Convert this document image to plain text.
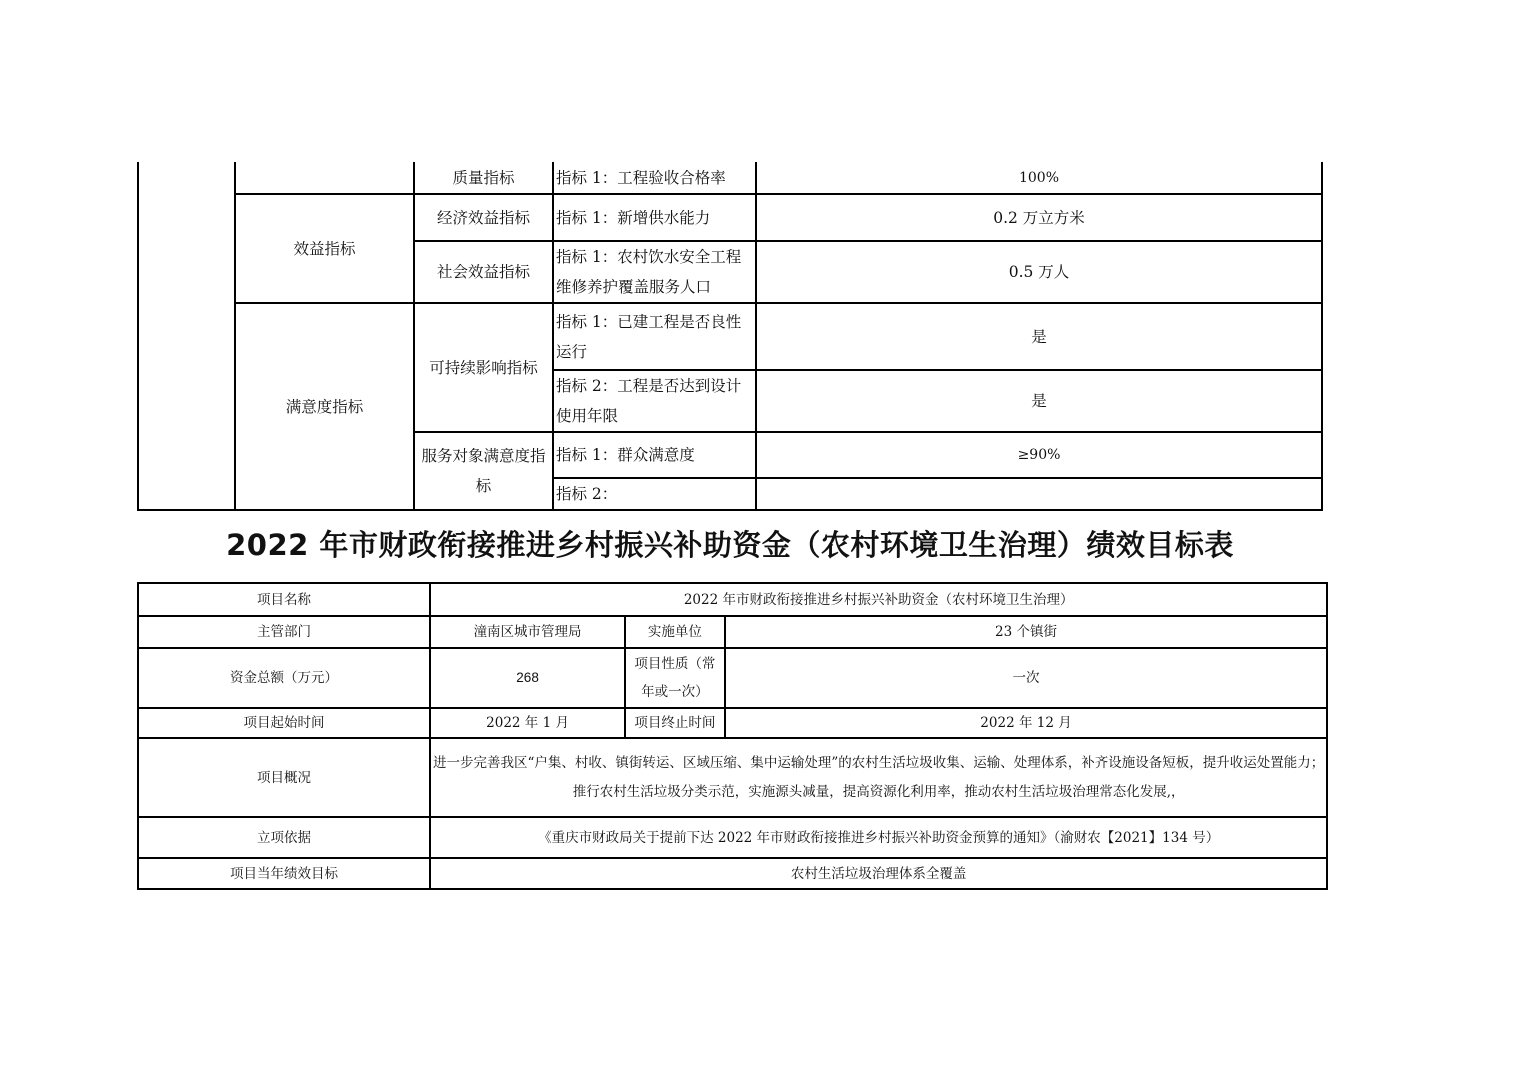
		质量指标	指标 1：工程验收合格率	100%
	效益指标	经济效益指标	指标 1：新增供水能力	0.2 万立方米
		社会效益指标	指标 1：农村饮水安全工程维修养护覆盖服务人口	0.5 万人
	满意度指标	可持续影响指标	指标 1：已建工程是否良性运行	是
			指标 2：工程是否达到设计使用年限	是
		服务对象满意度指标	指标 1：群众满意度	≥90%
			指标 2：	
2022 年市财政衔接推进乡村振兴补助资金（农村环境卫生治理）绩效目标表
项目名称	2022 年市财政衔接推进乡村振兴补助资金（农村环境卫生治理）		
主管部门	潼南区城市管理局	实施单位	23 个镇街
资金总额（万元）	268	项目性质（常年或一次）	一次
项目起始时间	2022 年 1 月	项目终止时间	2022 年 12 月
项目概况	进一步完善我区“户集、村收、镇街转运、区域压缩、集中运输处理”的农村生活垃圾收集、运输、处理体系，补齐设施设备短板，提升收运处置能力；
推行农村生活垃圾分类示范，实施源头减量，提高资源化利用率，推动农村生活垃圾治理常态化发展,，		

立项依据	《重庆市财政局关于提前下达 2022 年市财政衔接推进乡村振兴补助资金预算的通知》（渝财农【2021】134 号）		
项目当年绩效目标	农村生活垃圾治理体系全覆盖		
